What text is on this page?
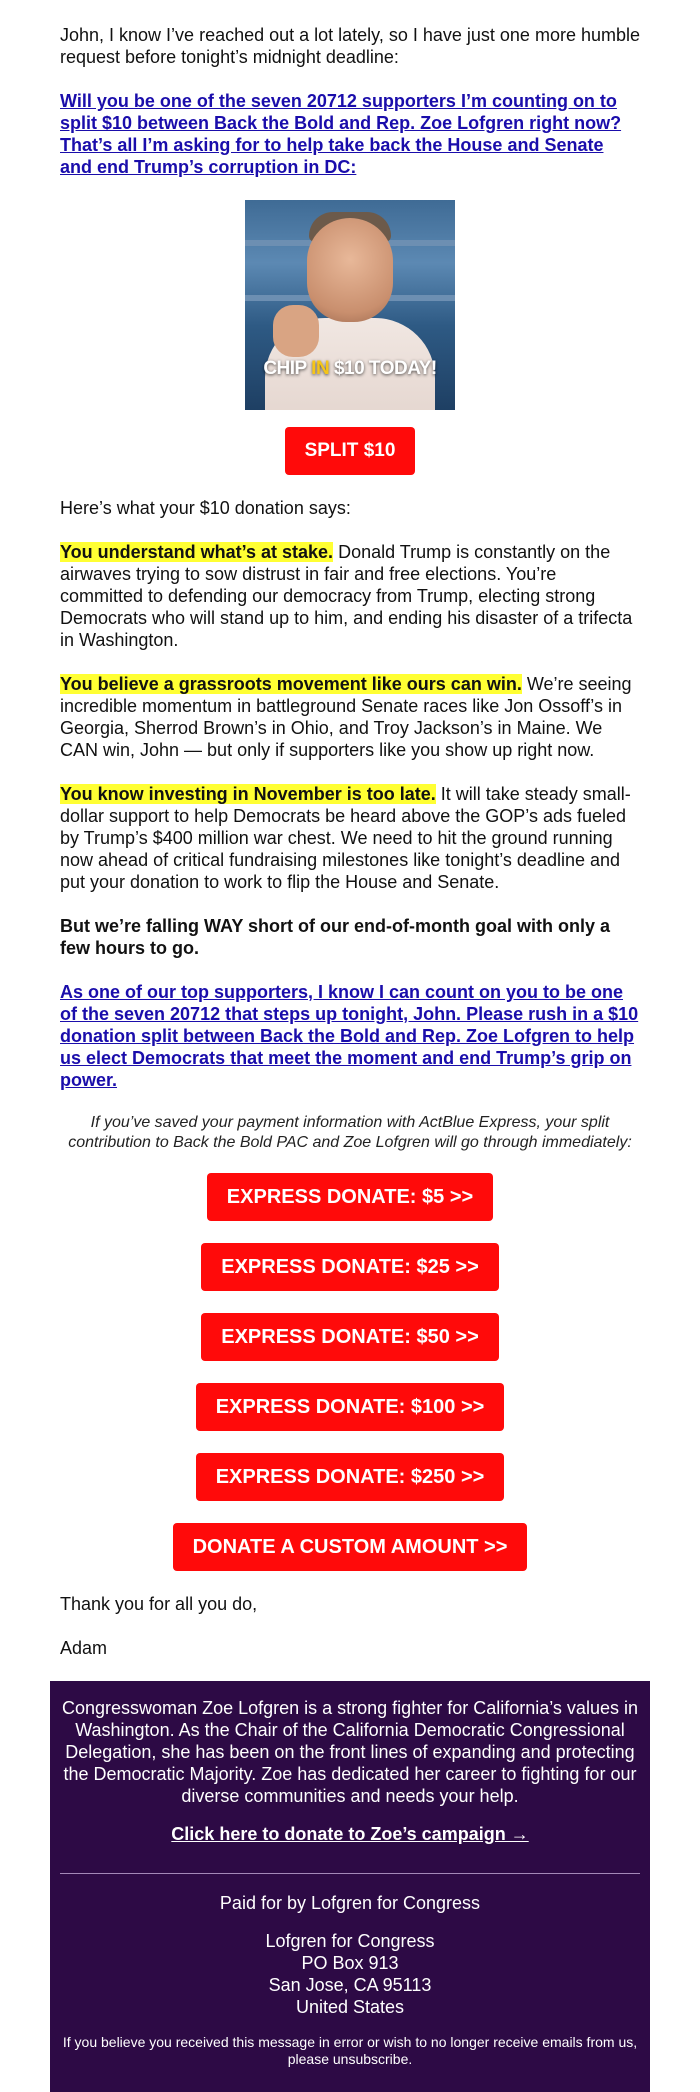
John, I know I’ve reached out a lot lately, so I have just one more humble request before tonight’s midnight deadline:

Will you be one of the seven 20712 supporters I’m counting on to split $10 between Back the Bold and Rep. Zoe Lofgren right now? That’s all I’m asking for to help take back the House and Senate and end Trump’s corruption in DC:

CHIP IN $10 TODAY!
SPLIT $10

Here’s what your $10 donation says:

You understand what’s at stake. Donald Trump is constantly on the airwaves trying to sow distrust in fair and free elections. You’re committed to defending our democracy from Trump, electing strong Democrats who will stand up to him, and ending his disaster of a trifecta in Washington.

You believe a grassroots movement like ours can win. We’re seeing incredible momentum in battleground Senate races like Jon Ossoff’s in Georgia, Sherrod Brown’s in Ohio, and Troy Jackson’s in Maine. We CAN win, John — but only if supporters like you show up right now.

You know investing in November is too late. It will take steady small-dollar support to help Democrats be heard above the GOP’s ads fueled by Trump’s $400 million war chest. We need to hit the ground running now ahead of critical fundraising milestones like tonight’s deadline and put your donation to work to flip the House and Senate.

But we’re falling WAY short of our end-of-month goal with only a few hours to go.

As one of our top supporters, I know I can count on you to be one of the seven 20712 that steps up tonight, John. Please rush in a $10 donation split between Back the Bold and Rep. Zoe Lofgren to help us elect Democrats that meet the moment and end Trump’s grip on power.

If you’ve saved your payment information with ActBlue Express, your split contribution to Back the Bold PAC and Zoe Lofgren will go through immediately:

EXPRESS DONATE: $5 >>
EXPRESS DONATE: $25 >>
EXPRESS DONATE: $50 >>
EXPRESS DONATE: $100 >>
EXPRESS DONATE: $250 >>
DONATE A CUSTOM AMOUNT >>

Thank you for all you do,

Adam

Congresswoman Zoe Lofgren is a strong fighter for California’s values in Washington. As the Chair of the California Democratic Congressional Delegation, she has been on the front lines of expanding and protecting the Democratic Majority. Zoe has dedicated her career to fighting for our diverse communities and needs your help.

Click here to donate to Zoe’s campaign →

Paid for by Lofgren for Congress

Lofgren for Congress
PO Box 913
San Jose, CA 95113
United States

If you believe you received this message in error or wish to no longer receive emails from us, please unsubscribe.
